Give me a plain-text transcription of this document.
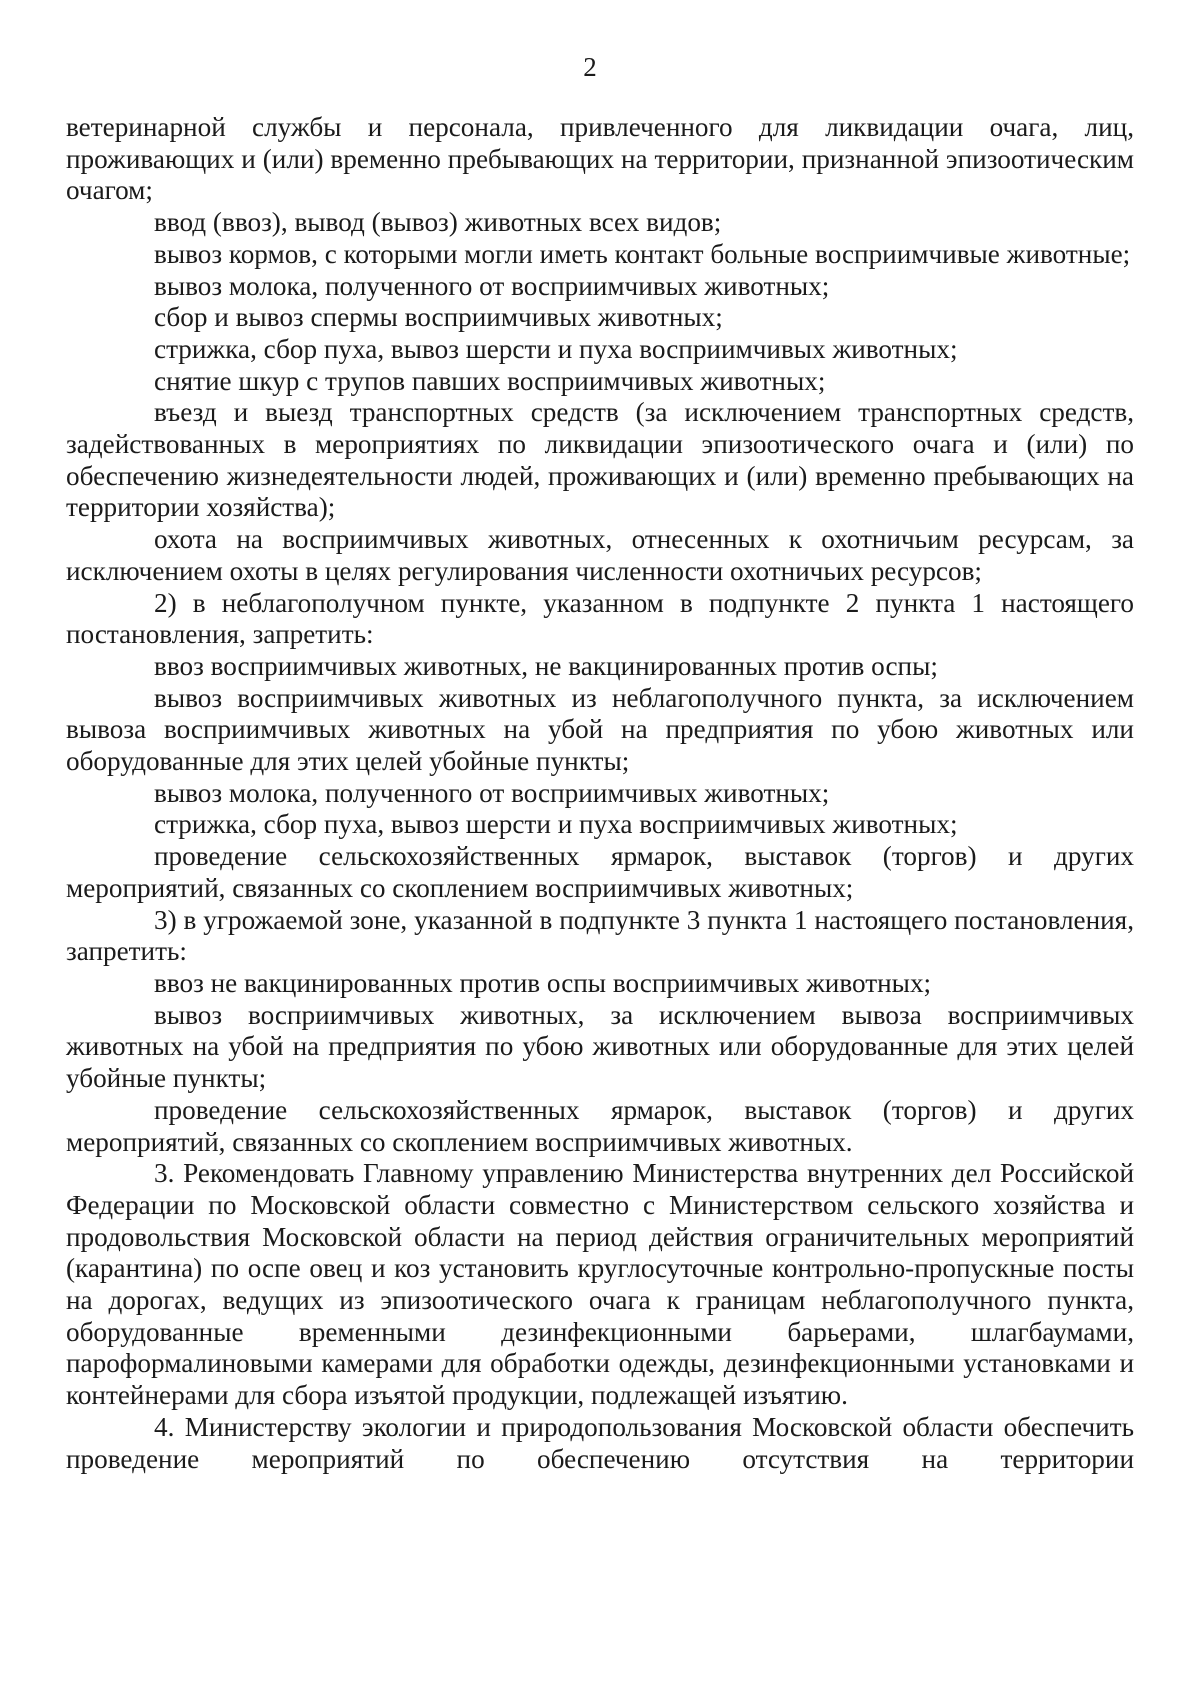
2

ветеринарной службы и персонала, привлеченного для ликвидации очага, лиц, проживающих и (или) временно пребывающих на территории, признанной эпизоотическим очагом;

ввод (ввоз), вывод (вывоз) животных всех видов;

вывоз кормов, с которыми могли иметь контакт больные восприимчивые животные;

вывоз молока, полученного от восприимчивых животных;

сбор и вывоз спермы восприимчивых животных;

стрижка, сбор пуха, вывоз шерсти и пуха восприимчивых животных;

снятие шкур с трупов павших восприимчивых животных;

въезд и выезд транспортных средств (за исключением транспортных средств, задействованных в мероприятиях по ликвидации эпизоотического очага и (или) по обеспечению жизнедеятельности людей, проживающих и (или) временно пребывающих на территории хозяйства);

охота на восприимчивых животных, отнесенных к охотничьим ресурсам, за исключением охоты в целях регулирования численности охотничьих ресурсов;

2) в неблагополучном пункте, указанном в подпункте 2 пункта 1 настоящего постановления, запретить:

ввоз восприимчивых животных, не вакцинированных против оспы;

вывоз восприимчивых животных из неблагополучного пункта, за исключением вывоза восприимчивых животных на убой на предприятия по убою животных или оборудованные для этих целей убойные пункты;

вывоз молока, полученного от восприимчивых животных;

стрижка, сбор пуха, вывоз шерсти и пуха восприимчивых животных;

проведение сельскохозяйственных ярмарок, выставок (торгов) и других мероприятий, связанных со скоплением восприимчивых животных;

3) в угрожаемой зоне, указанной в подпункте 3 пункта 1 настоящего постановления, запретить:

ввоз не вакцинированных против оспы восприимчивых животных;

вывоз восприимчивых животных, за исключением вывоза восприимчивых животных на убой на предприятия по убою животных или оборудованные для этих целей убойные пункты;

проведение сельскохозяйственных ярмарок, выставок (торгов) и других мероприятий, связанных со скоплением восприимчивых животных.

3. Рекомендовать Главному управлению Министерства внутренних дел Российской Федерации по Московской области совместно с Министерством сельского хозяйства и продовольствия Московской области на период действия ограничительных мероприятий (карантина) по оспе овец и коз установить круглосуточные контрольно-пропускные посты на дорогах, ведущих из эпизоотического очага к границам неблагополучного пункта, оборудованные временными дезинфекционными барьерами, шлагбаумами, пароформалиновыми камерами для обработки одежды, дезинфекционными установками и контейнерами для сбора изъятой продукции, подлежащей изъятию.

4. Министерству экологии и природопользования Московской области обеспечить проведение мероприятий по обеспечению отсутствия на территории
